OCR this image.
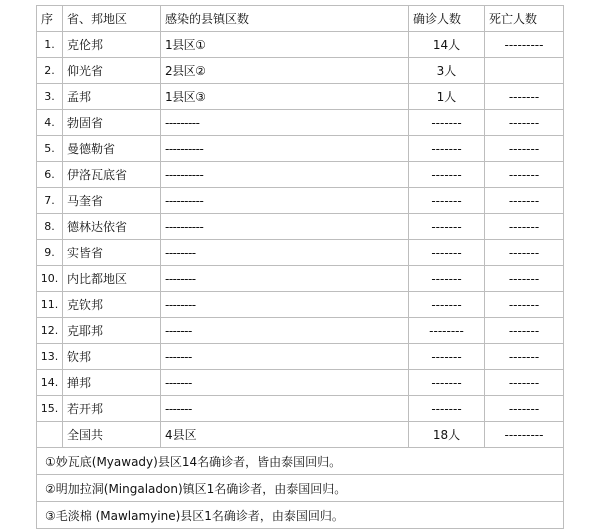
序	省、邦地区	感染的县镇区数	确诊人数	死亡人数
1.	克伦邦	1县区①	14人	---------
2.	仰光省	2县区②	3人	
3.	孟邦	1县区③	1人	-------
4.	勃固省	---------	-------	-------
5.	曼德勒省	----------	-------	-------
6.	伊洛瓦底省	----------	-------	-------
7.	马奎省	----------	-------	-------
8.	德林达依省	----------	-------	-------
9.	实皆省	--------	-------	-------
10.	内比都地区	--------	-------	-------
11.	克钦邦	--------	-------	-------
12.	克耶邦	-------	--------	-------
13.	钦邦	-------	-------	-------
14.	掸邦	-------	-------	-------
15.	若开邦	-------	-------	-------
	全国共	4县区	18人	---------
①妙瓦底(Myawady)县区14名确诊者，皆由泰国回归。				
②明加拉洞(Mingaladon)镇区1名确诊者，由泰国回归。				
③毛淡棉 (Mawlamyine)县区1名确诊者，由泰国回归。				
